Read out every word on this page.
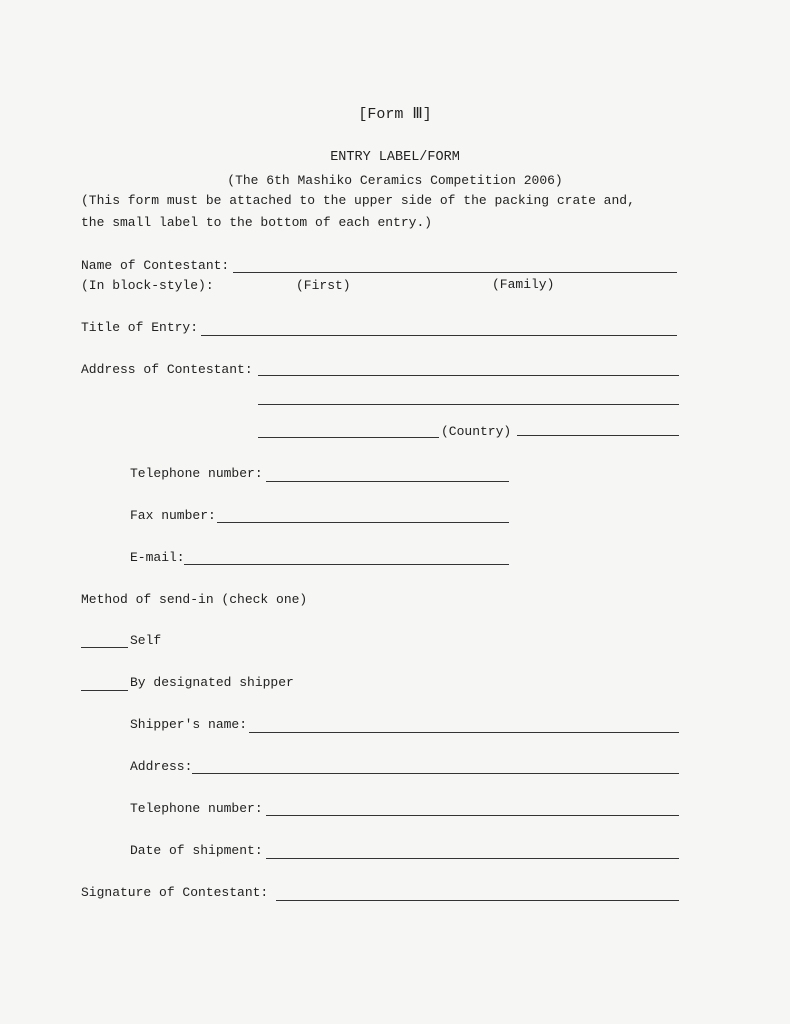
[Form Ⅲ]
ENTRY LABEL/FORM
(The 6th Mashiko Ceramics Competition 2006)
(This form must be attached to the upper side of the packing crate and,
the small label to the bottom of each entry.)
Name of Contestant:
(In block-style):	(First)	(Family)
Title of Entry:
Address of Contestant:
(Country)
Telephone number:
Fax number:
E-mail:
Method of send-in (check one)
Self
By designated shipper
Shipper's name:
Address:
Telephone number:
Date of shipment:
Signature of Contestant:
